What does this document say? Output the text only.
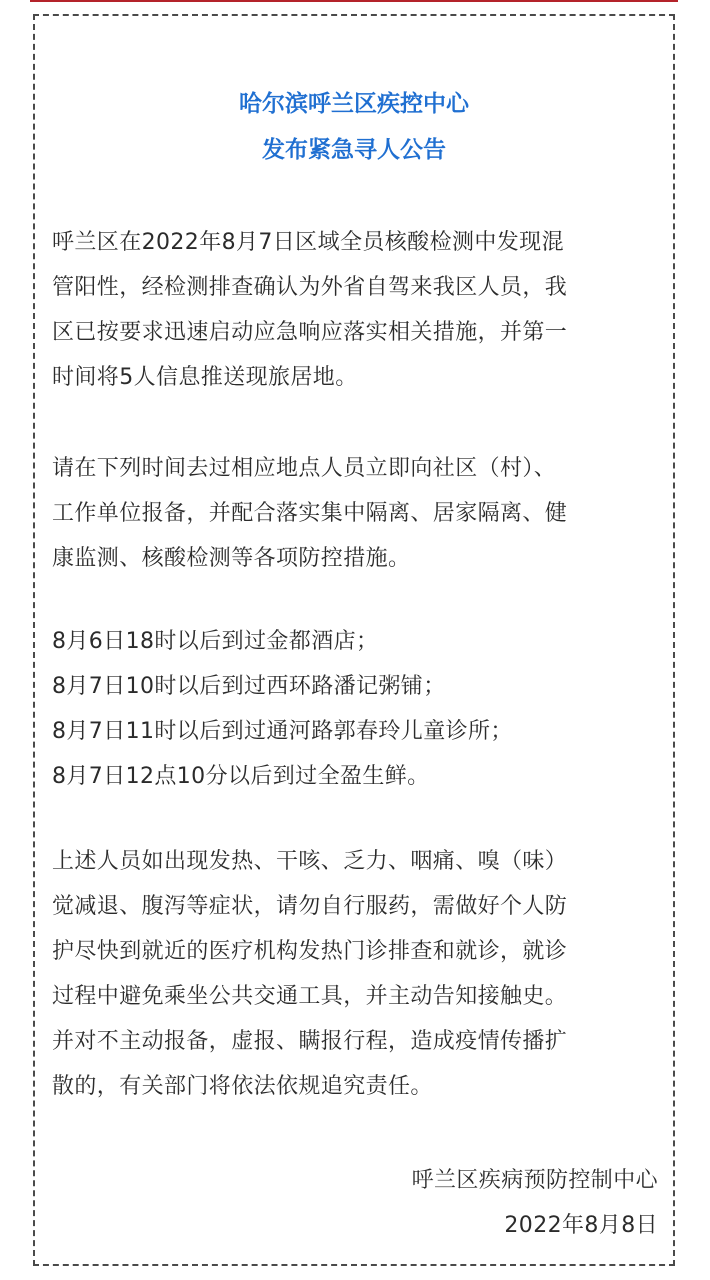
哈尔滨呼兰区疾控中心
发布紧急寻人公告

呼兰区在2022年8月7日区域全员核酸检测中发现混
管阳性，经检测排查确认为外省自驾来我区人员，我
区已按要求迅速启动应急响应落实相关措施，并第一
时间将5人信息推送现旅居地。

请在下列时间去过相应地点人员立即向社区（村）、
工作单位报备，并配合落实集中隔离、居家隔离、健
康监测、核酸检测等各项防控措施。

8月6日18时以后到过金都酒店；
8月7日10时以后到过西环路潘记粥铺；
8月7日11时以后到过通河路郭春玲儿童诊所；
8月7日12点10分以后到过全盈生鲜。

上述人员如出现发热、干咳、乏力、咽痛、嗅（味）
觉减退、腹泻等症状，请勿自行服药，需做好个人防
护尽快到就近的医疗机构发热门诊排查和就诊，就诊
过程中避免乘坐公共交通工具，并主动告知接触史。
并对不主动报备，虚报、瞒报行程，造成疫情传播扩
散的，有关部门将依法依规追究责任。

呼兰区疾病预防控制中心
2022年8月8日
